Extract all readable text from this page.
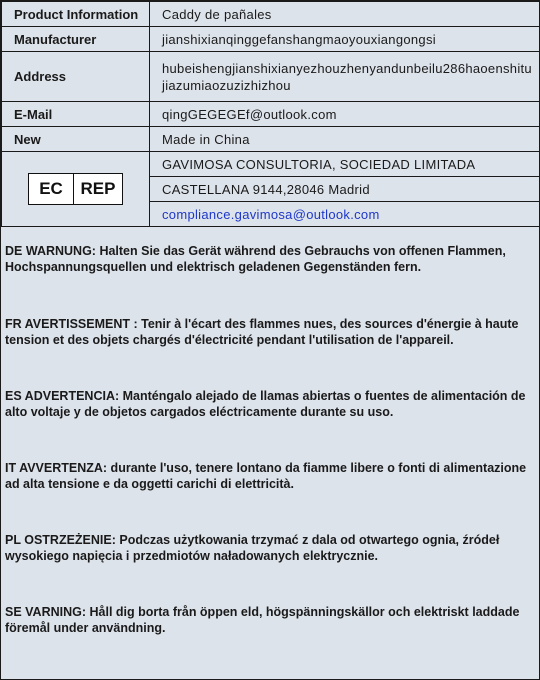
Product Information	Caddy de pañales
Manufacturer	jianshixianqinggefanshangmaoyouxiangongsi
Address	hubeishengjianshixianyezhouzhenyandunbeilu286haoenshitujiazumiaozuzizhizhou
E-Mail	qingGEGEGEf@outlook.com
New	Made in China

EC REP	GAVIMOSA CONSULTORIA, SOCIEDAD LIMITADA
	CASTELLANA 9144,28046 Madrid
	compliance.gavimosa@outlook.com

DE WARNUNG: Halten Sie das Gerät während des Gebrauchs von offenen Flammen, Hochspannungsquellen und elektrisch geladenen Gegenständen fern.

FR AVERTISSEMENT : Tenir à l'écart des flammes nues, des sources d'énergie à haute tension et des objets chargés d'électricité pendant l'utilisation de l'appareil.

ES ADVERTENCIA: Manténgalo alejado de llamas abiertas o fuentes de alimentación de alto voltaje y de objetos cargados eléctricamente durante su uso.

IT AVVERTENZA: durante l'uso, tenere lontano da fiamme libere o fonti di alimentazione ad alta tensione e da oggetti carichi di elettricità.

PL OSTRZEŻENIE: Podczas użytkowania trzymać z dala od otwartego ognia, źródeł wysokiego napięcia i przedmiotów naładowanych elektrycznie.

SE VARNING: Håll dig borta från öppen eld, högspänningskällor och elektriskt laddade föremål under användning.
